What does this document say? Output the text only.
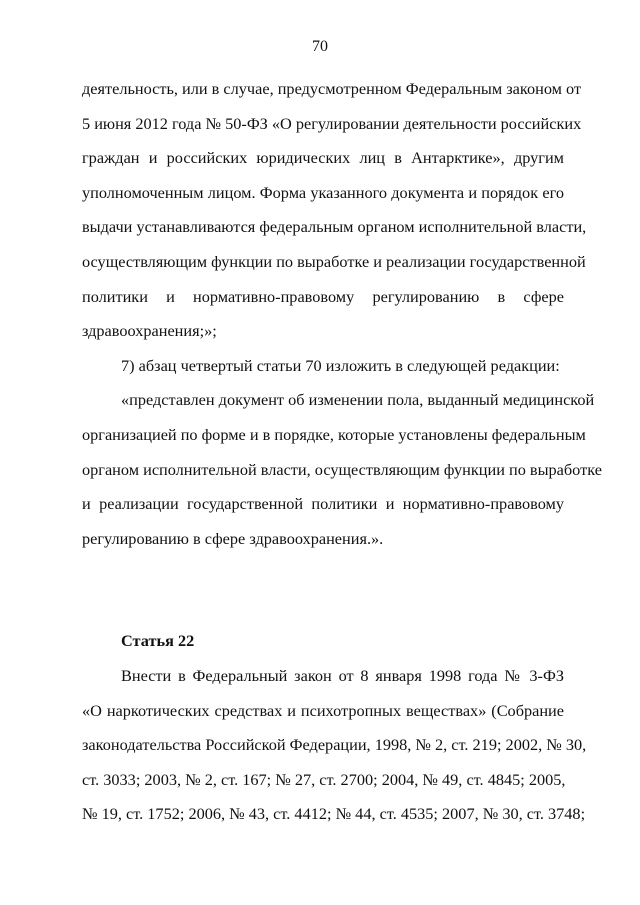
70
деятельность, или в случае, предусмотренном Федеральным законом от
5 июня 2012 года № 50-ФЗ «О регулировании деятельности российских
граждан и российских юридических лиц в Антарктике», другим
уполномоченным лицом. Форма указанного документа и порядок его
выдачи устанавливаются федеральным органом исполнительной власти,
осуществляющим функции по выработке и реализации государственной
политики и нормативно-правовому регулированию в сфере
здравоохранения;»;
7) абзац четвертый статьи 70 изложить в следующей редакции:
«представлен документ об изменении пола, выданный медицинской
организацией по форме и в порядке, которые установлены федеральным
органом исполнительной власти, осуществляющим функции по выработке
и реализации государственной политики и нормативно-правовому
регулированию в сфере здравоохранения.».
Статья 22
Внести в Федеральный закон от 8 января 1998 года № 3-ФЗ
«О наркотических средствах и психотропных веществах» (Собрание
законодательства Российской Федерации, 1998, № 2, ст. 219; 2002, № 30,
ст. 3033; 2003, № 2, ст. 167; № 27, ст. 2700; 2004, № 49, ст. 4845; 2005,
№ 19, ст. 1752; 2006, № 43, ст. 4412; № 44, ст. 4535; 2007, № 30, ст. 3748;
